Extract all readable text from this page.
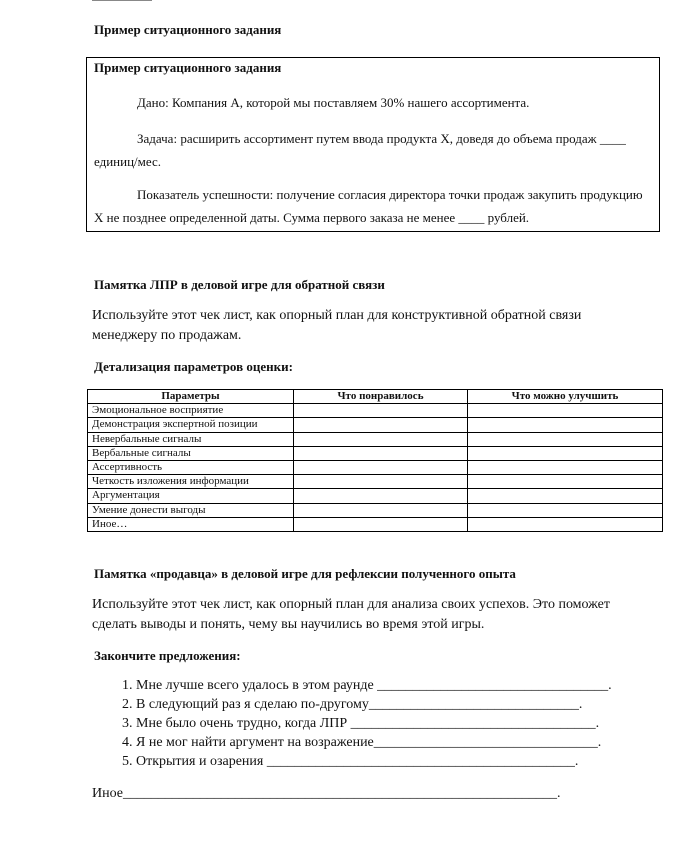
Пример ситуационного задания
Пример ситуационного задания
Дано: Компания А, которой мы поставляем 30% нашего ассортимента.
Задача: расширить ассортимент путем ввода продукта Х, доведя до объема продаж ____
единиц/мес.
Показатель успешности: получение согласия директора точки продаж закупить продукцию
Х не позднее определенной даты. Сумма первого заказа не менее ____ рублей.
Памятка ЛПР в деловой игре для обратной связи
Используйте этот чек лист, как опорный план для конструктивной обратной связи
менеджеру по продажам.
Детализация параметров оценки:
Параметры	Что понравилось	Что можно улучшить
Эмоциональное восприятие		
Демонстрация экспертной позиции		
Невербальные сигналы		
Вербальные сигналы		
Ассертивность		
Четкость изложения информации		
Аргументация		
Умение донести выгоды		
Иное…		
Памятка «продавца» в деловой игре для рефлексии полученного опыта
Используйте этот чек лист, как опорный план для анализа своих успехов. Это поможет
сделать выводы и понять, чему вы научились во время этой игры.
Закончите предложения:
1. Мне лучше всего удалось в этом раунде _________________________________.
2. В следующий раз я сделаю по-другому______________________________.
3. Мне было очень трудно, когда ЛПР ___________________________________.
4. Я не мог найти аргумент на возражение________________________________.
5. Открытия и озарения ____________________________________________.
Иное______________________________________________________________.
